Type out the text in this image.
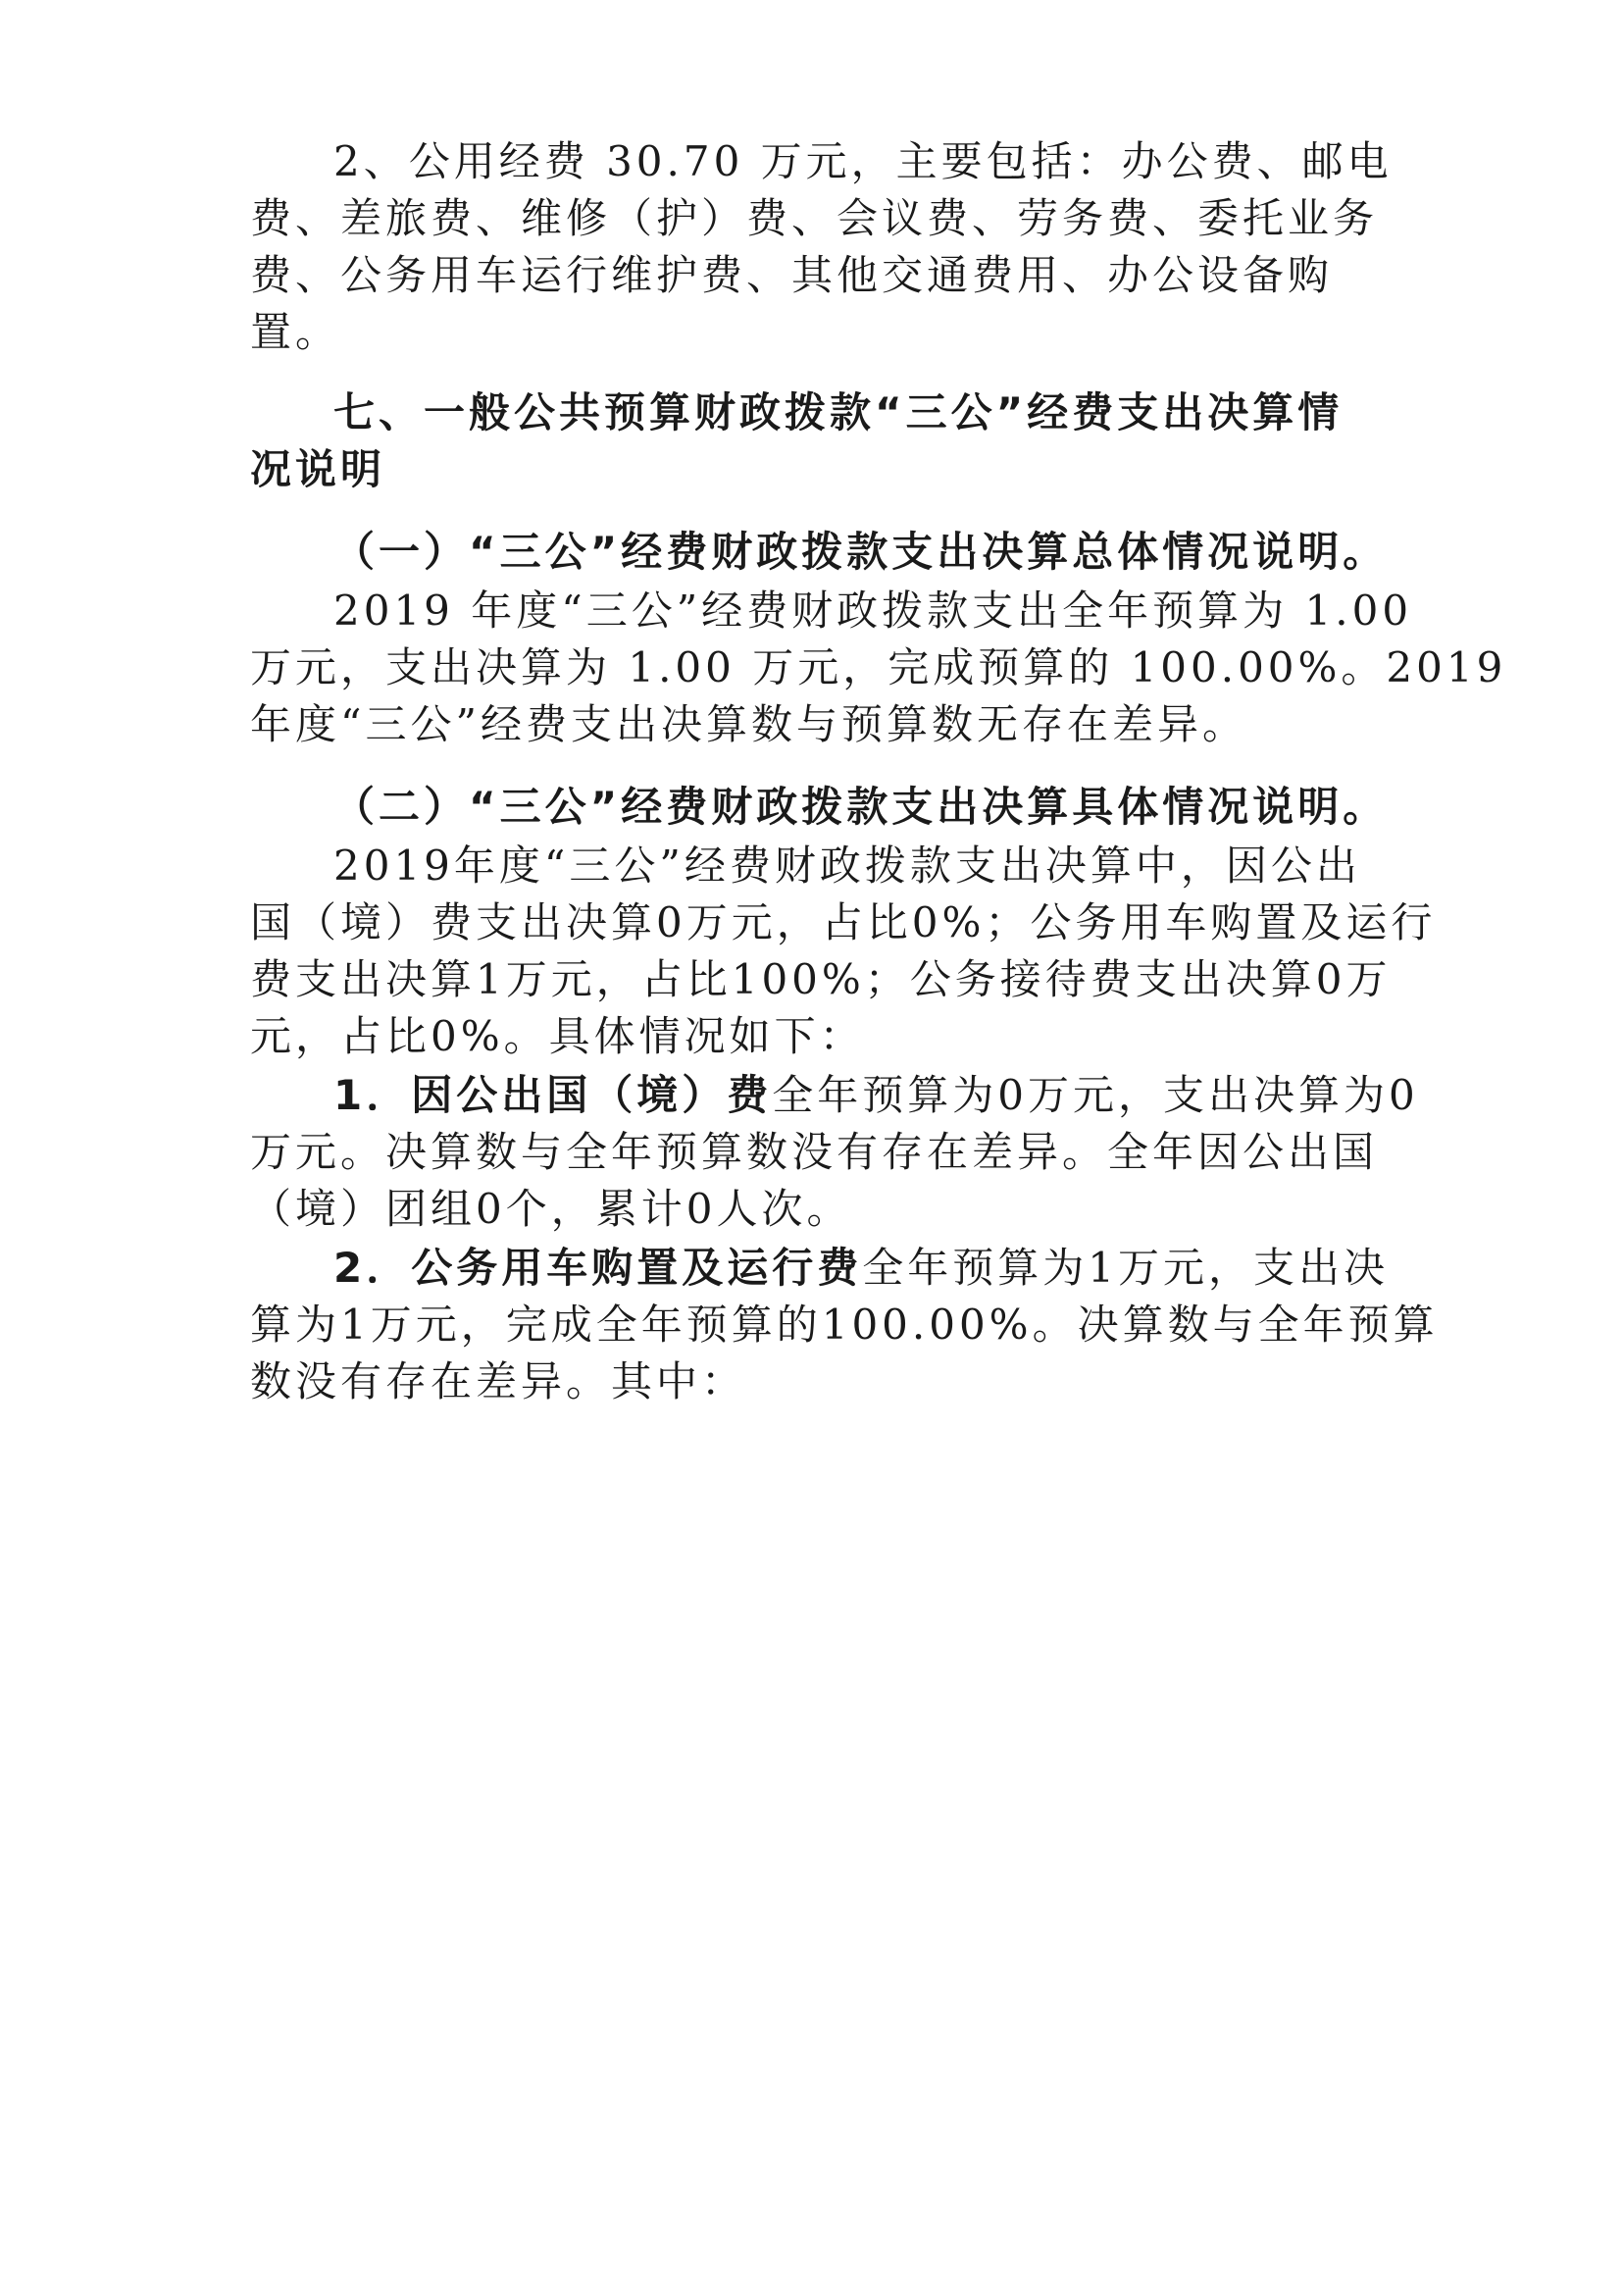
2、公用经费 30.70 万元，主要包括：办公费、邮电
费、差旅费、维修（护）费、会议费、劳务费、委托业务
费、公务用车运行维护费、其他交通费用、办公设备购
置。
七、一般公共预算财政拨款“三公”经费支出决算情
况说明
（一）“三公”经费财政拨款支出决算总体情况说明。
2019 年度“三公”经费财政拨款支出全年预算为 1.00
万元，支出决算为 1.00 万元，完成预算的 100.00%。2019
年度“三公”经费支出决算数与预算数无存在差异。
（二）“三公”经费财政拨款支出决算具体情况说明。
2019年度“三公”经费财政拨款支出决算中，因公出
国（境）费支出决算0万元，占比0%；公务用车购置及运行
费支出决算1万元，占比100%；公务接待费支出决算0万
元，占比0%。具体情况如下：
1．因公出国（境）费全年预算为0万元，支出决算为0
万元。决算数与全年预算数没有存在差异。全年因公出国
（境）团组0个，累计0人次。
2．公务用车购置及运行费全年预算为1万元，支出决
算为1万元，完成全年预算的100.00%。决算数与全年预算
数没有存在差异。其中：
